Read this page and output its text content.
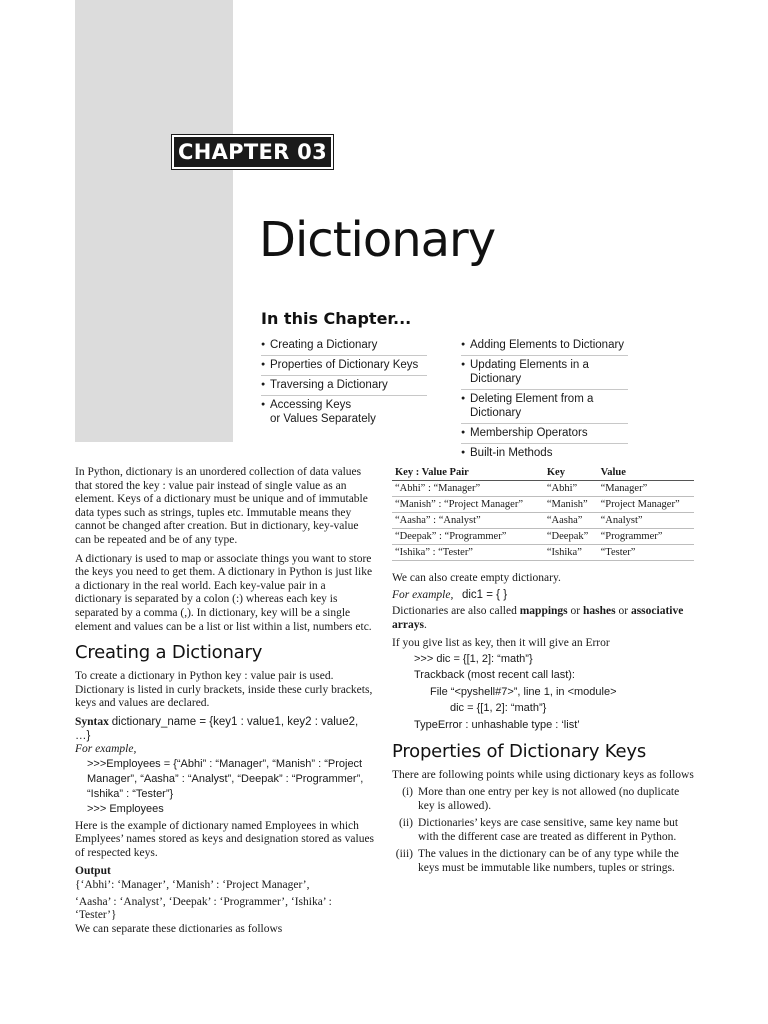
CHAPTER 03
Dictionary
In this Chapter...
● Creating a Dictionary
● Properties of Dictionary Keys
● Traversing a Dictionary
● Accessing Keys
or Values Separately
● Adding Elements to Dictionary
● Updating Elements in a Dictionary
● Deleting Element from a Dictionary
● Membership Operators
● Built-in Methods

In Python, dictionary is an unordered collection of data values that stored the key : value pair instead of single value as an element. Keys of a dictionary must be unique and of immutable data types such as strings, tuples etc. Immutable means they cannot be changed after creation. But in dictionary, key-value can be repeated and be of any type.

A dictionary is used to map or associate things you want to store the keys you need to get them. A dictionary in Python is just like a dictionary in the real world. Each key-value pair in a dictionary is separated by a colon (:) whereas each key is separated by a comma (,). In dictionary, key will be a single element and values can be a list or list within a list, numbers etc.

Creating a Dictionary

To create a dictionary in Python key : value pair is used. Dictionary is listed in curly brackets, inside these curly brackets, keys and values are declared.

Syntax dictionary_name = {key1 : value1, key2 : value2, …}

For example,

>>>Employees = {“Abhi” : “Manager”, “Manish” : “Project Manager”, “Aasha” : “Analyst”, “Deepak” : “Programmer”, “Ishika” : “Tester”}
>>> Employees

Here is the example of dictionary named Employees in which Emplyees’ names stored as keys and designation stored as values of respected keys.

Output

{‘Abhi’: ‘Manager’, ‘Manish’ : ‘Project Manager’,

‘Aasha’ : ‘Analyst’, ‘Deepak’ : ‘Programmer’, ‘Ishika’ : ‘Tester’}

We can separate these dictionaries as follows

Key : Value Pair	Key	Value
“Abhi” : “Manager”	“Abhi”	“Manager”
“Manish” : “Project Manager”	“Manish”	“Project Manager”
“Aasha” : “Analyst”	“Aasha”	“Analyst”
“Deepak” : “Programmer”	“Deepak”	“Programmer”
“Ishika” : “Tester”	“Ishika”	“Tester”

We can also create empty dictionary.

For example, dic1 = { }

Dictionaries are also called mappings or hashes or associative arrays.

If you give list as key, then it will give an Error

>>> dic = {[1, 2]: “math”}
Trackback (most recent call last):
File “<pyshell#7>”, line 1, in <module>
dic = {[1, 2]: “math”}
TypeError : unhashable type : ‘list’
Properties of Dictionary Keys

There are following points while using dictionary keys as follows

(i) More than one entry per key is not allowed (no duplicate key is allowed).
(ii) Dictionaries’ keys are case sensitive, same key name but with the different case are treated as different in Python.
(iii) The values in the dictionary can be of any type while the keys must be immutable like numbers, tuples or strings.
